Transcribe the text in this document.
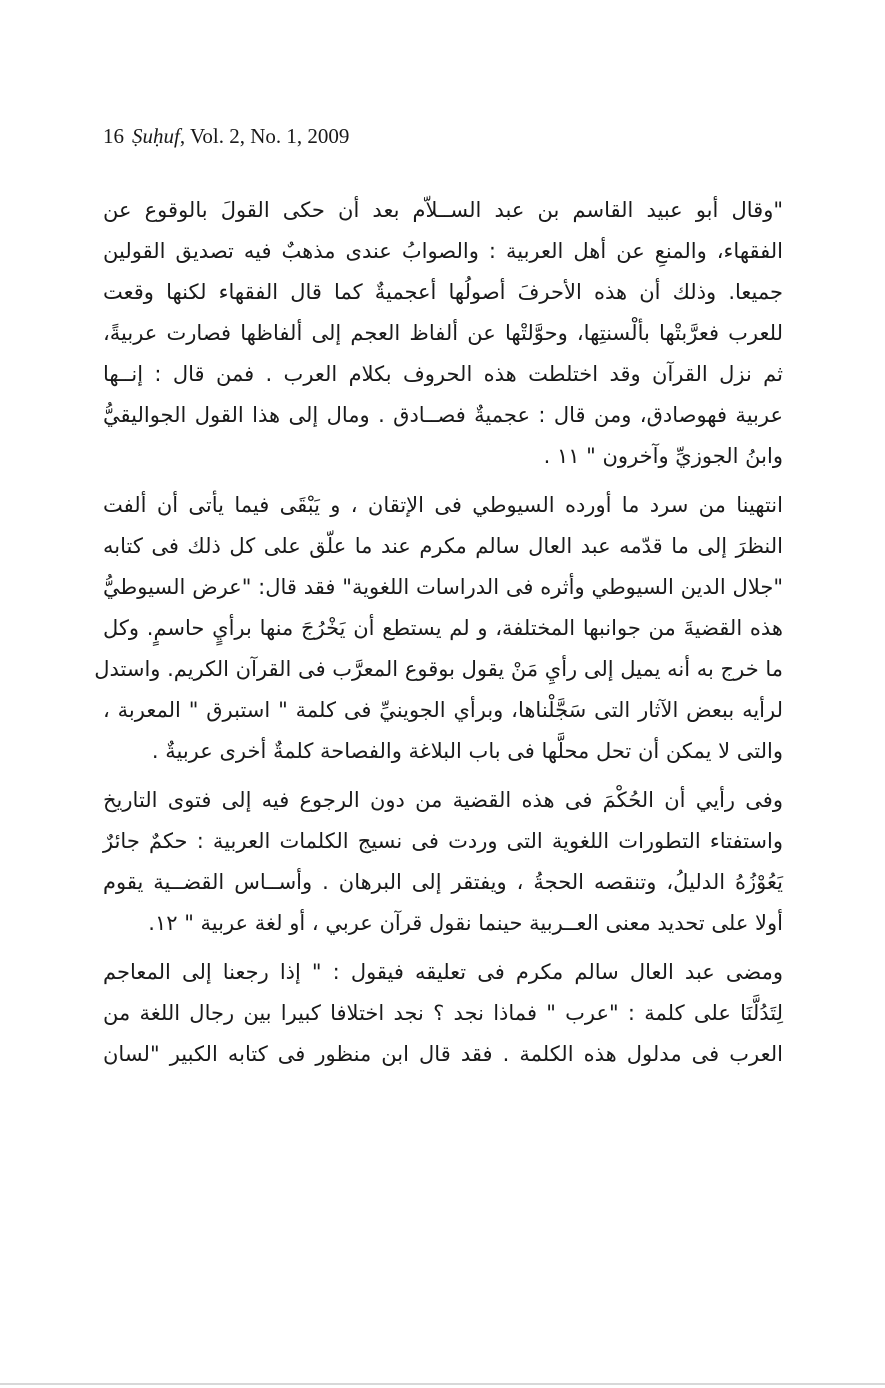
16 Ṣuḥuf, Vol. 2, No. 1, 2009

"وقال أبو عبيد القاسم بن عبد الســلاّم بعد أن حكى القولَ بالوقوع عن
الفقهاء، والمنعِ عن أهل العربية : والصوابُ عندى مذهبٌ فيه تصديق القولين
جميعا. وذلك أن هذه الأحرفَ أصولُها أعجميةٌ كما قال الفقهاء لكنها وقعت
للعرب فعرَّبتْها بألْسنتِها، وحوَّلتْها عن ألفاظ العجم إلى ألفاظها فصارت عربيةً،
ثم نزل القرآن وقد اختلطت هذه الحروف بكلام العرب . فمن قال : إنــها
عربية فهوصادق، ومن قال : عجميةٌ فصــادق . ومال إلى هذا القول الجواليقيُّ
وابنُ الجوزيِّ وآخرون " ١١ .

انتهينا من سرد ما أورده السيوطي فى الإتقان ، و يَبْقَى فيما يأتى أن ألفت
النظرَ إلى ما قدّمه عبد العال سالم مكرم عند ما علّق على كل ذلك فى كتابه
"جلال الدين السيوطي وأثره فى الدراسات اللغوية" فقد قال: "عرض السيوطيُّ
هذه القضيةَ من جوانبها المختلفة، و لم يستطع أن يَخْرُجَ منها برأيٍ حاسمٍ. وكل
ما خرج به أنه يميل إلى رأيِ مَنْ يقول بوقوع المعرَّب فى القرآن الكريم. واستدل
لرأيه ببعض الآثار التى سَجَّلْناها، وبرأي الجوينيِّ فى كلمة " استبرق " المعربة ،
والتى لا يمكن أن تحل محلَّها فى باب البلاغة والفصاحة كلمةٌ أخرى عربيةٌ .

وفى رأيي أن الحُكْمَ فى هذه القضية من دون الرجوع فيه إلى فتوى التاريخ
واستفتاء التطورات اللغوية التى وردت فى نسيج الكلمات العربية : حكمٌ جائرٌ
يَعُوْزُهُ الدليلُ، وتنقصه الحجةُ ، ويفتقر إلى البرهان . وأســاس القضــية يقوم
أولا على تحديد معنى العــربية حينما نقول قرآن عربي ، أو لغة عربية " ١٢.

ومضى عبد العال سالم مكرم فى تعليقه فيقول : " إذا رجعنا إلى المعاجم
لِتَدُلَّنَا على كلمة : "عرب " فماذا نجد ؟ نجد اختلافا كبيرا بين رجال اللغة من
العرب فى مدلول هذه الكلمة . فقد قال ابن منظور فى كتابه الكبير "لسان
